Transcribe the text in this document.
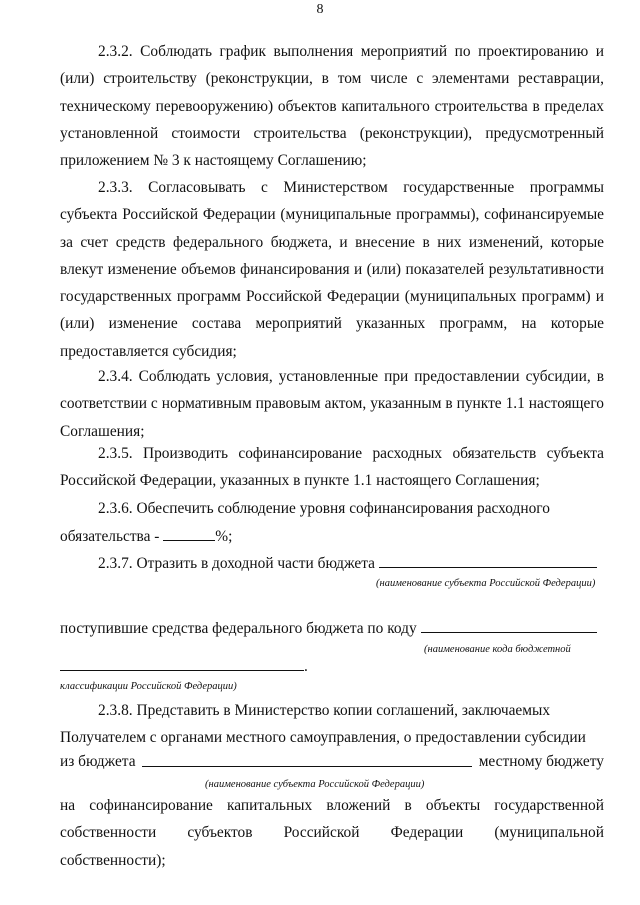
8

2.3.2. Соблюдать график выполнения мероприятий по проектированию и (или) строительству (реконструкции, в том числе с элементами реставрации, техническому перевооружению) объектов капитального строительства в пределах установленной стоимости строительства (реконструкции), предусмотренный приложением № 3 к настоящему Соглашению;

2.3.3. Согласовывать с Министерством государственные программы субъекта Российской Федерации (муниципальные программы), софинансируемые за счет средств федерального бюджета, и внесение в них изменений, которые влекут изменение объемов финансирования и (или) показателей результативности государственных программ Российской Федерации (муниципальных программ) и (или) изменение состава мероприятий указанных программ, на которые предоставляется субсидия;

2.3.4. Соблюдать условия, установленные при предоставлении субсидии, в соответствии с нормативным правовым актом, указанным в пункте 1.1 настоящего Соглашения;

2.3.5. Производить софинансирование расходных обязательств субъекта Российской Федерации, указанных в пункте 1.1 настоящего Соглашения;

2.3.6. Обеспечить соблюдение уровня софинансирования расходного

обязательства -	%;
2.3.7. Отразить в доходной части бюджета
(наименование субъекта Российской Федерации)
поступившие средства федерального бюджета по коду
(наименование кода бюджетной
.
классификации Российской Федерации)

2.3.8. Представить в Министерство копии соглашений, заключаемых

Получателем с органами местного самоуправления, о предоставлении субсидии

из бюджета	местному бюджету
(наименование субъекта Российской Федерации)

на софинансирование капитальных вложений в объекты государственной собственности субъектов Российской Федерации (муниципальной собственности);
